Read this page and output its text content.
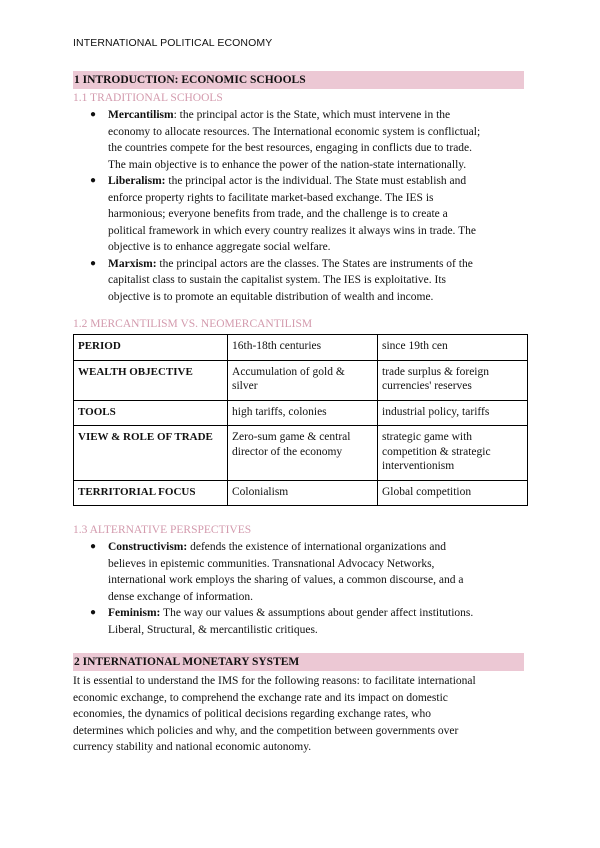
INTERNATIONAL POLITICAL ECONOMY
1 INTRODUCTION: ECONOMIC SCHOOLS
1.1 TRADITIONAL SCHOOLS
● Mercantilism: the principal actor is the State, which must intervene in the
economy to allocate resources. The International economic system is conflictual;
the countries compete for the best resources, engaging in conflicts due to trade.
The main objective is to enhance the power of the nation-state internationally.
● Liberalism: the principal actor is the individual. The State must establish and
enforce property rights to facilitate market-based exchange. The IES is
harmonious; everyone benefits from trade, and the challenge is to create a
political framework in which every country realizes it always wins in trade. The
objective is to enhance aggregate social welfare.
● Marxism: the principal actors are the classes. The States are instruments of the
capitalist class to sustain the capitalist system. The IES is exploitative. Its
objective is to promote an equitable distribution of wealth and income.
1.2 MERCANTILISM VS. NEOMERCANTILISM
PERIOD	16th-18th centuries	since 19th cen
WEALTH OBJECTIVE	Accumulation of gold &
silver	trade surplus & foreign
currencies' reserves
TOOLS	high tariffs, colonies	industrial policy, tariffs
VIEW & ROLE OF TRADE	Zero-sum game & central
director of the economy	strategic game with
competition & strategic
interventionism
TERRITORIAL FOCUS	Colonialism	Global competition
1.3 ALTERNATIVE PERSPECTIVES
● Constructivism: defends the existence of international organizations and
believes in epistemic communities. Transnational Advocacy Networks,
international work employs the sharing of values, a common discourse, and a
dense exchange of information.
● Feminism: The way our values & assumptions about gender affect institutions.
Liberal, Structural, & mercantilistic critiques.
2 INTERNATIONAL MONETARY SYSTEM

It is essential to understand the IMS for the following reasons: to facilitate international
economic exchange, to comprehend the exchange rate and its impact on domestic
economies, the dynamics of political decisions regarding exchange rates, who
determines which policies and why, and the competition between governments over
currency stability and national economic autonomy.
